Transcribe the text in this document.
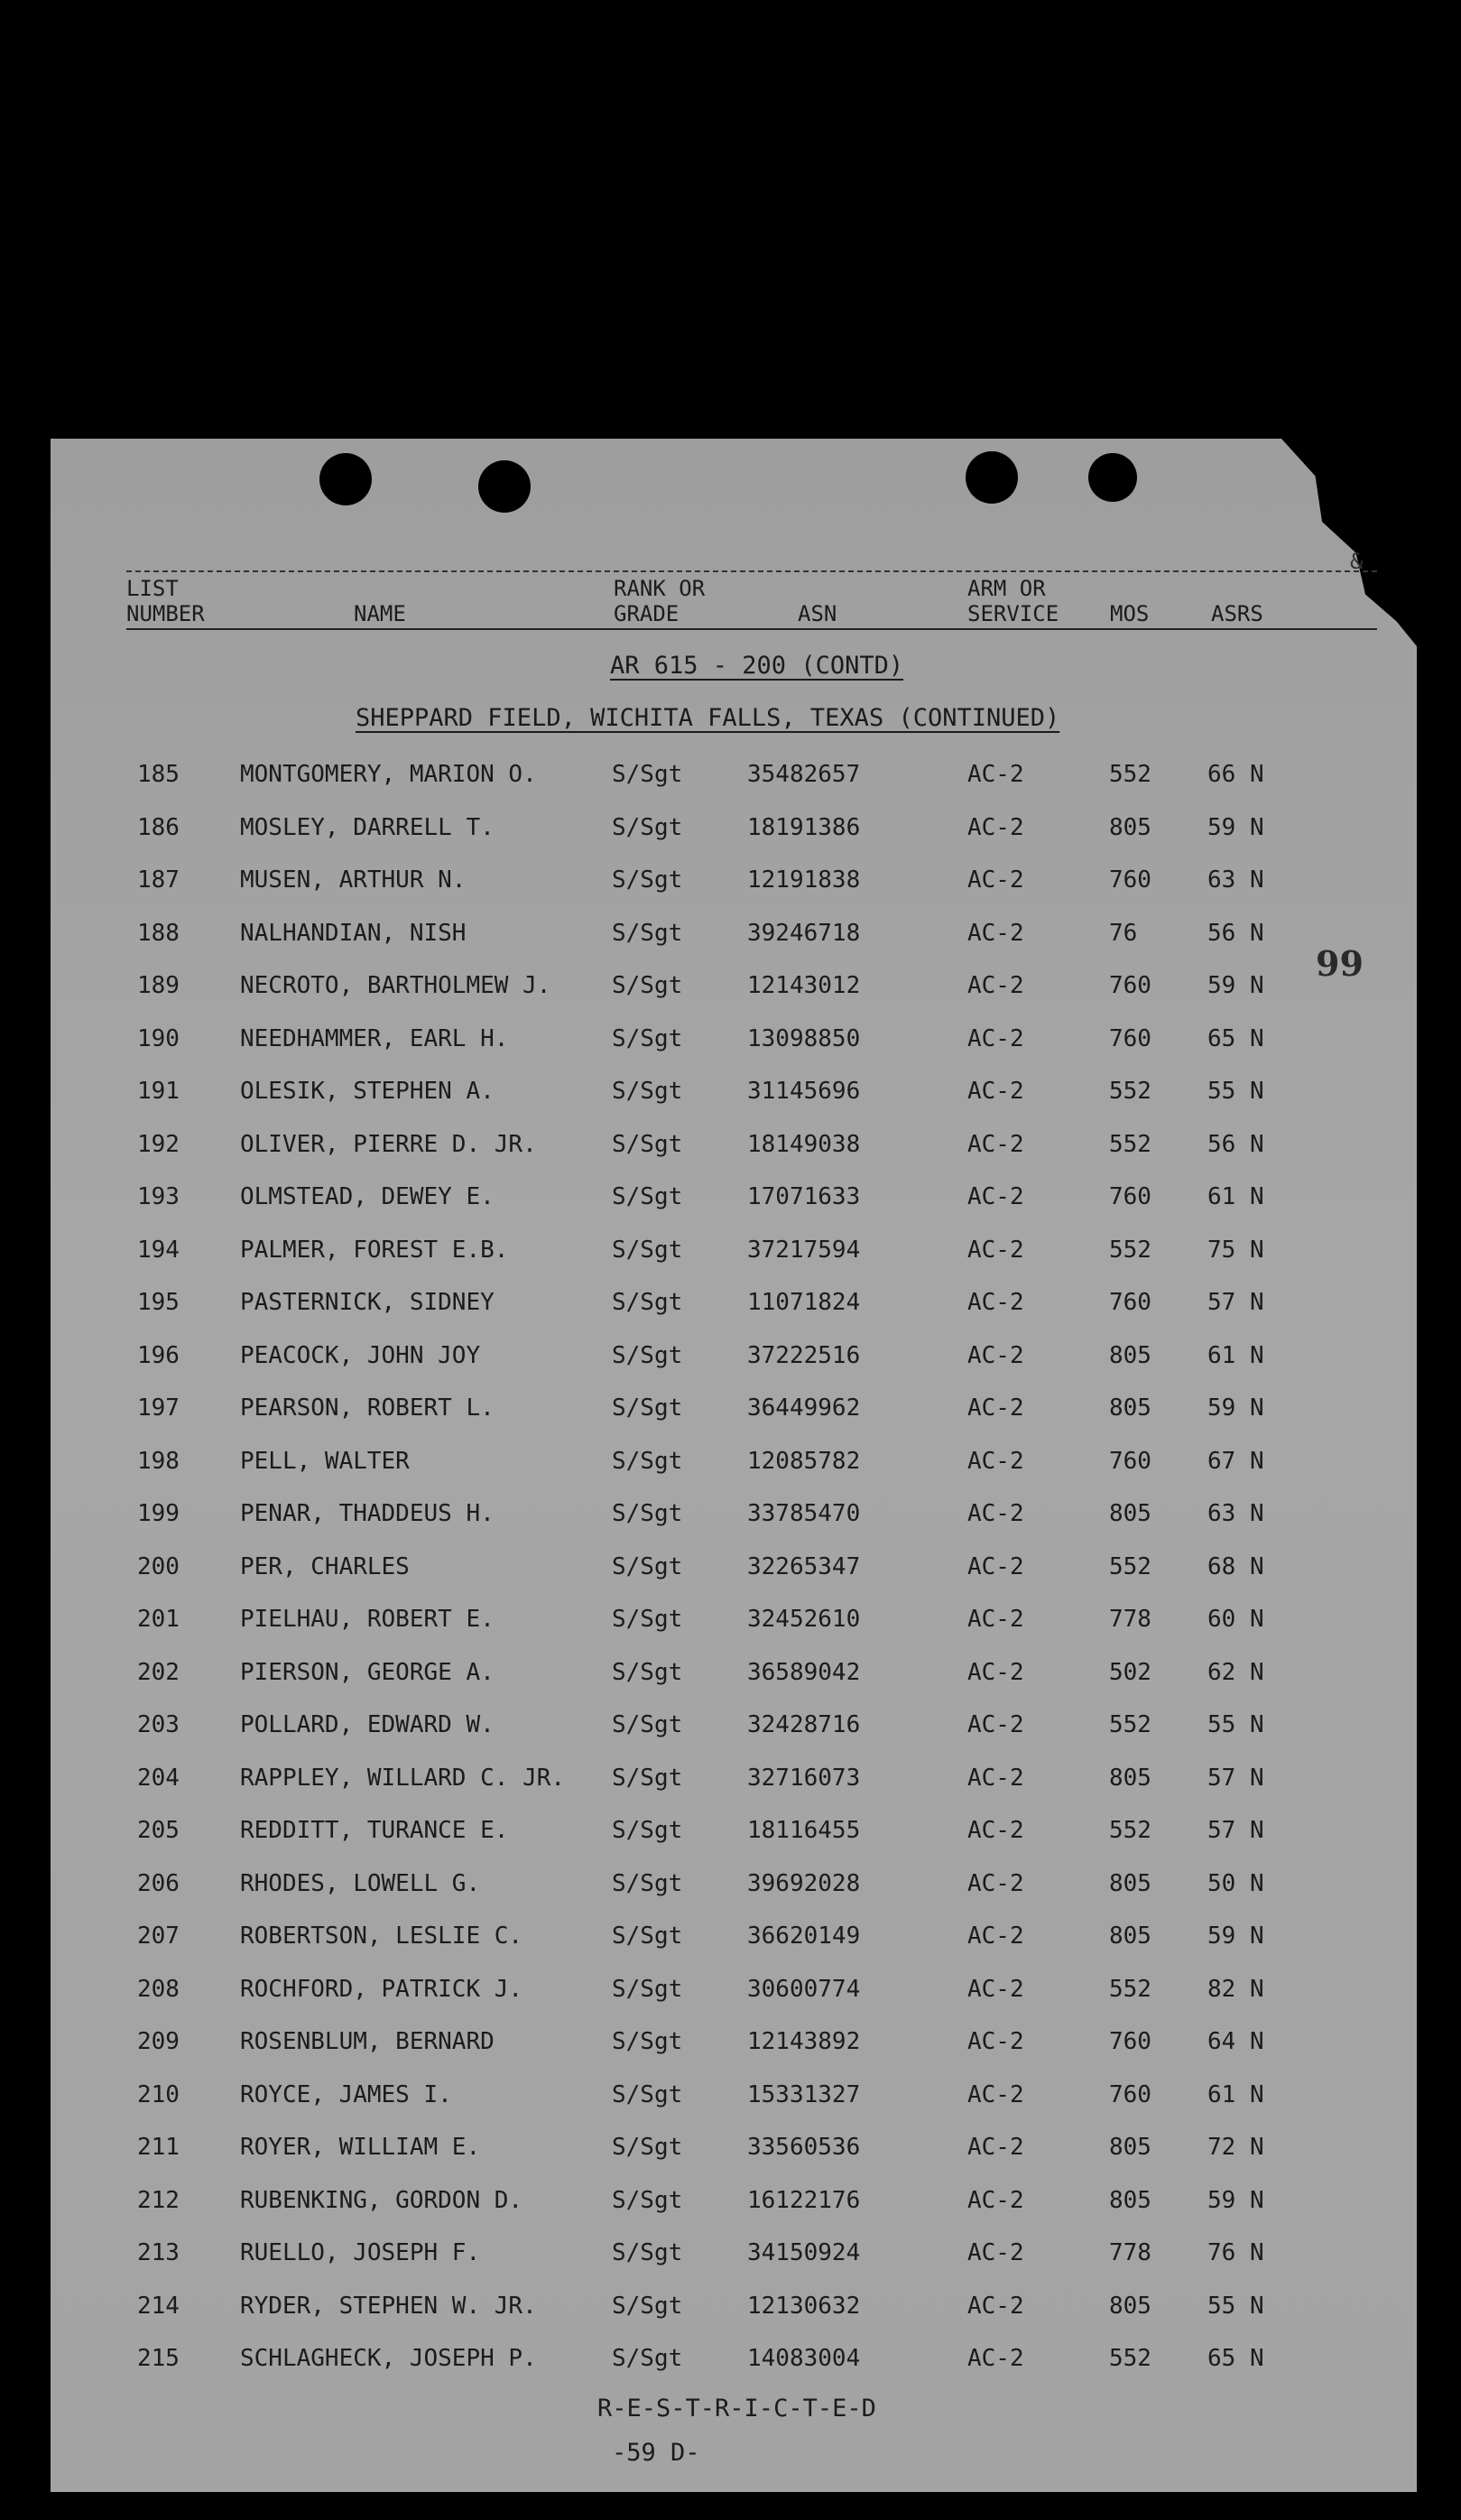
&
LIST
NUMBER	NAME
RANK OR
GRADE	ASN
ARM OR
SERVICE MOS	ASRS
AR 615 - 200 (CONTD)
SHEPPARD FIELD, WICHITA FALLS, TEXAS (CONTINUED)
185	MONTGOMERY, MARION O.	S/Sgt	35482657	AC-2	552 66 N
186	MOSLEY, DARRELL T.	S/Sgt	18191386	AC-2	805 59 N
187	MUSEN, ARTHUR N.	S/Sgt	12191838	AC-2	760 63 N
188	NALHANDIAN, NISH	S/Sgt	39246718	AC-2	76	56 N
189	NECROTO, BARTHOLMEW J.	S/Sgt	12143012	AC-2	760 59 N
190	NEEDHAMMER, EARL H.	S/Sgt	13098850	AC-2	760 65 N
191	OLESIK, STEPHEN A.	S/Sgt	31145696	AC-2	552 55 N
192	OLIVER, PIERRE D. JR.	S/Sgt	18149038	AC-2	552 56 N
193	OLMSTEAD, DEWEY E.	S/Sgt	17071633	AC-2	760 61 N
194	PALMER, FOREST E.B.	S/Sgt	37217594	AC-2	552 75 N
195	PASTERNICK, SIDNEY	S/Sgt	11071824	AC-2	760 57 N
196	PEACOCK, JOHN JOY	S/Sgt	37222516	AC-2	805 61 N
197	PEARSON, ROBERT L.	S/Sgt	36449962	AC-2	805 59 N
198	PELL, WALTER	S/Sgt	12085782	AC-2	760 67 N
199	PENAR, THADDEUS H.	S/Sgt	33785470	AC-2	805 63 N
200	PER, CHARLES	S/Sgt	32265347	AC-2	552 68 N
201	PIELHAU, ROBERT E.	S/Sgt	32452610	AC-2	778 60 N
202	PIERSON, GEORGE A.	S/Sgt	36589042	AC-2	502 62 N
203	POLLARD, EDWARD W.	S/Sgt	32428716	AC-2	552 55 N
204	RAPPLEY, WILLARD C. JR. S/Sgt	32716073	AC-2	805 57 N
205	REDDITT, TURANCE E.	S/Sgt	18116455	AC-2	552 57 N
206	RHODES, LOWELL G.	S/Sgt	39692028	AC-2	805 50 N
207	ROBERTSON, LESLIE C.	S/Sgt	36620149	AC-2	805 59 N
208	ROCHFORD, PATRICK J.	S/Sgt	30600774	AC-2	552 82 N
209	ROSENBLUM, BERNARD	S/Sgt	12143892	AC-2	760 64 N
210	ROYCE, JAMES I.	S/Sgt	15331327	AC-2	760 61 N
211	ROYER, WILLIAM E.	S/Sgt	33560536	AC-2	805 72 N
212	RUBENKING, GORDON D.	S/Sgt	16122176	AC-2	805 59 N
213	RUELLO, JOSEPH F.	S/Sgt	34150924	AC-2	778 76 N
214	RYDER, STEPHEN W. JR.	S/Sgt	12130632	AC-2	805 55 N
215	SCHLAGHECK, JOSEPH P.	S/Sgt	14083004	AC-2	552 65 N
R-E-S-T-R-I-C-T-E-D
-59 D-
99
